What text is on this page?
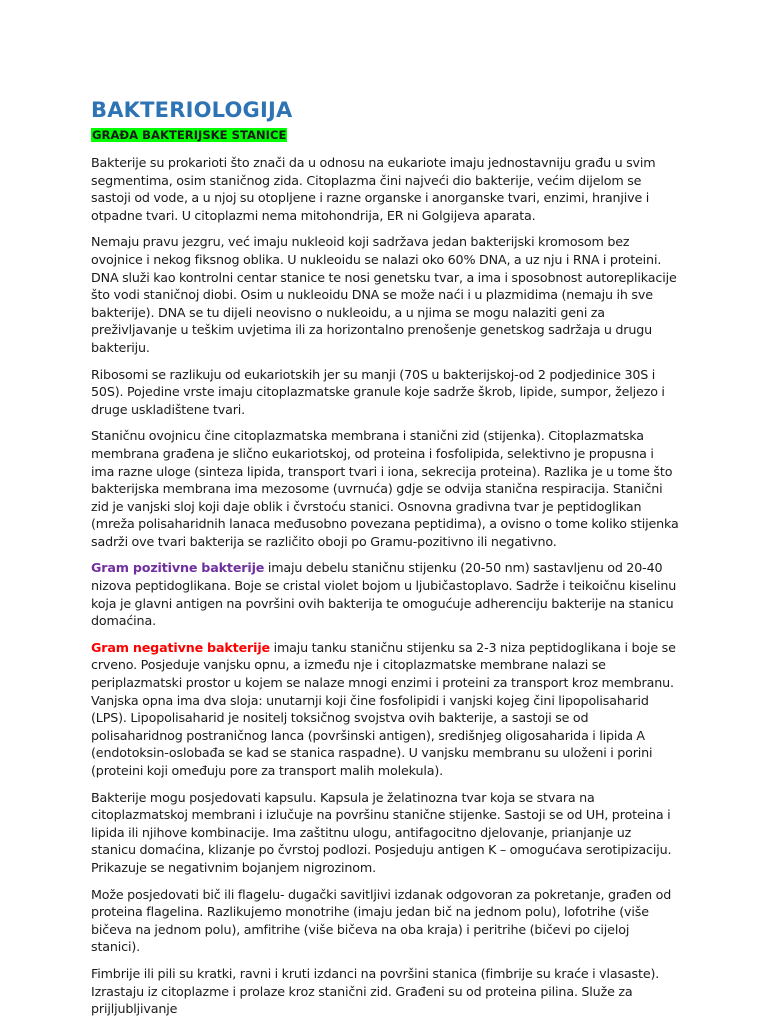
BAKTERIOLOGIJA
GRAĐA BAKTERIJSKE STANICE

Bakterije su prokarioti što znači da u odnosu na eukariote imaju jednostavniju građu u svim segmentima, osim staničnog zida. Citoplazma čini najveći dio bakterije, većim dijelom se sastoji od vode, a u njoj su otopljene i razne organske i anorganske tvari, enzimi, hranjive i otpadne tvari. U citoplazmi nema mitohondrija, ER ni Golgijeva aparata.

Nemaju pravu jezgru, već imaju nukleoid koji sadržava jedan bakterijski kromosom bez ovojnice i nekog fiksnog oblika. U nukleoidu se nalazi oko 60% DNA, a uz nju i RNA i proteini. DNA služi kao kontrolni centar stanice te nosi genetsku tvar, a ima i sposobnost autoreplikacije što vodi staničnoj diobi. Osim u nukleoidu DNA se može naći i u plazmidima (nemaju ih sve bakterije). DNA se tu dijeli neovisno o nukleoidu, a u njima se mogu nalaziti geni za preživljavanje u teškim uvjetima ili za horizontalno prenošenje genetskog sadržaja u drugu bakteriju.

Ribosomi se razlikuju od eukariotskih jer su manji (70S u bakterijskoj-od 2 podjedinice 30S i 50S). Pojedine vrste imaju citoplazmatske granule koje sadrže škrob, lipide, sumpor, željezo i druge uskladištene tvari.

Staničnu ovojnicu čine citoplazmatska membrana i stanični zid (stijenka). Citoplazmatska membrana građena je slično eukariotskoj, od proteina i fosfolipida, selektivno je propusna i ima razne uloge (sinteza lipida, transport tvari i iona, sekrecija proteina). Razlika je u tome što bakterijska membrana ima mezosome (uvrnuća) gdje se odvija stanična respiracija. Stanični zid je vanjski sloj koji daje oblik i čvrstoću stanici. Osnovna gradivna tvar je peptidoglikan (mreža polisaharidnih lanaca međusobno povezana peptidima), a ovisno o tome koliko stijenka sadrži ove tvari bakterija se različito oboji po Gramu-pozitivno ili negativno.

Gram pozitivne bakterije imaju debelu staničnu stijenku (20-50 nm) sastavljenu od 20-40 nizova peptidoglikana. Boje se cristal violet bojom u ljubičastoplavo. Sadrže i teikoičnu kiselinu koja je glavni antigen na površini ovih bakterija te omogućuje adherenciju bakterije na stanicu domaćina.

Gram negativne bakterije imaju tanku staničnu stijenku sa 2-3 niza peptidoglikana i boje se crveno. Posjeduje vanjsku opnu, a između nje i citoplazmatske membrane nalazi se periplazmatski prostor u kojem se nalaze mnogi enzimi i proteini za transport kroz membranu. Vanjska opna ima dva sloja: unutarnji koji čine fosfolipidi i vanjski kojeg čini lipopolisaharid (LPS). Lipopolisaharid je nositelj toksičnog svojstva ovih bakterije, a sastoji se od polisaharidnog postraničnog lanca (površinski antigen), središnjeg oligosaharida i lipida A (endotoksin-oslobađa se kad se stanica raspadne). U vanjsku membranu su uloženi i porini (proteini koji omeđuju pore za transport malih molekula).

Bakterije mogu posjedovati kapsulu. Kapsula je želatinozna tvar koja se stvara na citoplazmatskoj membrani i izlučuje na površinu stanične stijenke. Sastoji se od UH, proteina i lipida ili njihove kombinacije. Ima zaštitnu ulogu, antifagocitno djelovanje, prianjanje uz stanicu domaćina, klizanje po čvrstoj podlozi. Posjeduju antigen K – omogućava serotipizaciju. Prikazuje se negativnim bojanjem nigrozinom.

Može posjedovati bič ili flagelu- dugački savitljivi izdanak odgovoran za pokretanje, građen od proteina flagelina. Razlikujemo monotrihe (imaju jedan bič na jednom polu), lofotrihe (više bičeva na jednom polu), amfitrihe (više bičeva na oba kraja) i peritrihe (bičevi po cijeloj stanici).

Fimbrije ili pili su kratki, ravni i kruti izdanci na površini stanica (fimbrije su kraće i vlasaste). Izrastaju iz citoplazme i prolaze kroz stanični zid. Građeni su od proteina pilina. Služe za prijljubljivanje
